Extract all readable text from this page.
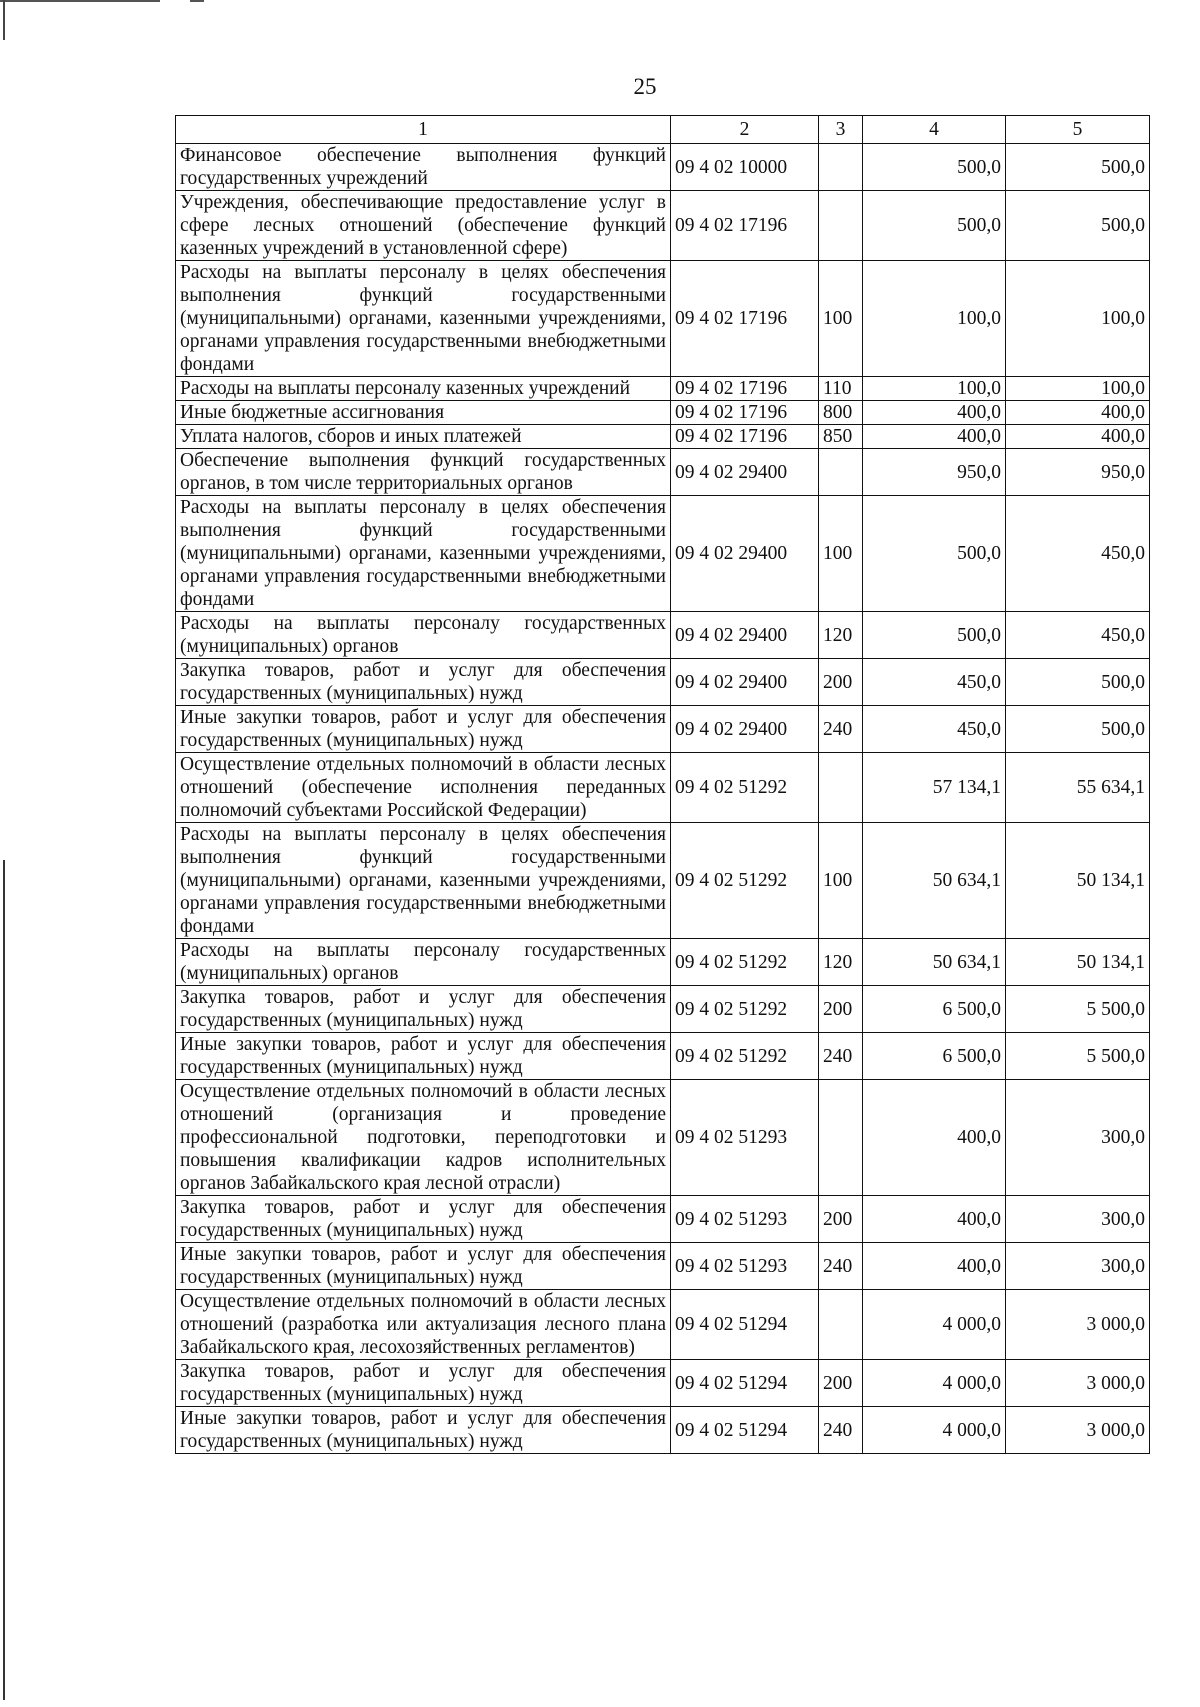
25
1	2	3	4	5
Финансовое обеспечение выполнения функций государственных учреждений	09 4 02 10000		500,0	500,0
Учреждения, обеспечивающие предоставление услуг в сфере лесных отношений (обеспечение функций казенных учреждений в установленной сфере)	09 4 02 17196		500,0	500,0
Расходы на выплаты персоналу в целях обеспечения выполнения функций государственными (муниципальными) органами, казенными учреждениями, органами управления государственными внебюджетными фондами	09 4 02 17196	100	100,0	100,0
Расходы на выплаты персоналу казенных учреждений	09 4 02 17196	110	100,0	100,0
Иные бюджетные ассигнования	09 4 02 17196	800	400,0	400,0
Уплата налогов, сборов и иных платежей	09 4 02 17196	850	400,0	400,0
Обеспечение выполнения функций государственных органов, в том числе территориальных органов	09 4 02 29400		950,0	950,0
Расходы на выплаты персоналу в целях обеспечения выполнения функций государственными (муниципальными) органами, казенными учреждениями, органами управления государственными внебюджетными фондами	09 4 02 29400	100	500,0	450,0
Расходы на выплаты персоналу государственных (муниципальных) органов	09 4 02 29400	120	500,0	450,0
Закупка товаров, работ и услуг для обеспечения государственных (муниципальных) нужд	09 4 02 29400	200	450,0	500,0
Иные закупки товаров, работ и услуг для обеспечения государственных (муниципальных) нужд	09 4 02 29400	240	450,0	500,0
Осуществление отдельных полномочий в области лесных отношений (обеспечение исполнения переданных полномочий субъектами Российской Федерации)	09 4 02 51292		57 134,1	55 634,1
Расходы на выплаты персоналу в целях обеспечения выполнения функций государственными (муниципальными) органами, казенными учреждениями, органами управления государственными внебюджетными фондами	09 4 02 51292	100	50 634,1	50 134,1
Расходы на выплаты персоналу государственных (муниципальных) органов	09 4 02 51292	120	50 634,1	50 134,1
Закупка товаров, работ и услуг для обеспечения государственных (муниципальных) нужд	09 4 02 51292	200	6 500,0	5 500,0
Иные закупки товаров, работ и услуг для обеспечения государственных (муниципальных) нужд	09 4 02 51292	240	6 500,0	5 500,0
Осуществление отдельных полномочий в области лесных отношений (организация и проведение профессиональной подготовки, переподготовки и повышения квалификации кадров исполнительных органов Забайкальского края лесной отрасли)	09 4 02 51293		400,0	300,0
Закупка товаров, работ и услуг для обеспечения государственных (муниципальных) нужд	09 4 02 51293	200	400,0	300,0
Иные закупки товаров, работ и услуг для обеспечения государственных (муниципальных) нужд	09 4 02 51293	240	400,0	300,0
Осуществление отдельных полномочий в области лесных отношений (разработка или актуализация лесного плана Забайкальского края, лесохозяйственных регламентов)	09 4 02 51294		4 000,0	3 000,0
Закупка товаров, работ и услуг для обеспечения государственных (муниципальных) нужд	09 4 02 51294	200	4 000,0	3 000,0
Иные закупки товаров, работ и услуг для обеспечения государственных (муниципальных) нужд	09 4 02 51294	240	4 000,0	3 000,0
